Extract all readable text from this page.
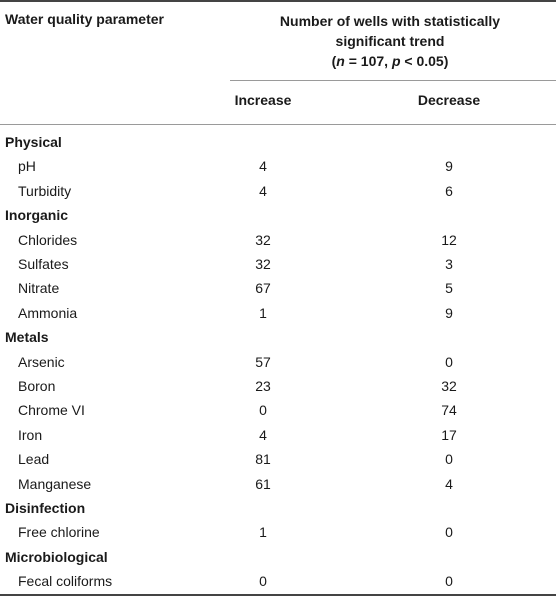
Water quality parameter	Number of wells with statistically
significant trend
(n = 107, p < 0.05)
Increase	Decrease
Physical
pH	4	9
Turbidity	4	6
Inorganic
Chlorides	32	12
Sulfates	32	3
Nitrate	67	5
Ammonia	1	9
Metals
Arsenic	57	0
Boron	23	32
Chrome VI	0	74
Iron	4	17
Lead	81	0
Manganese	61	4
Disinfection
Free chlorine	1	0
Microbiological
Fecal coliforms	0	0
